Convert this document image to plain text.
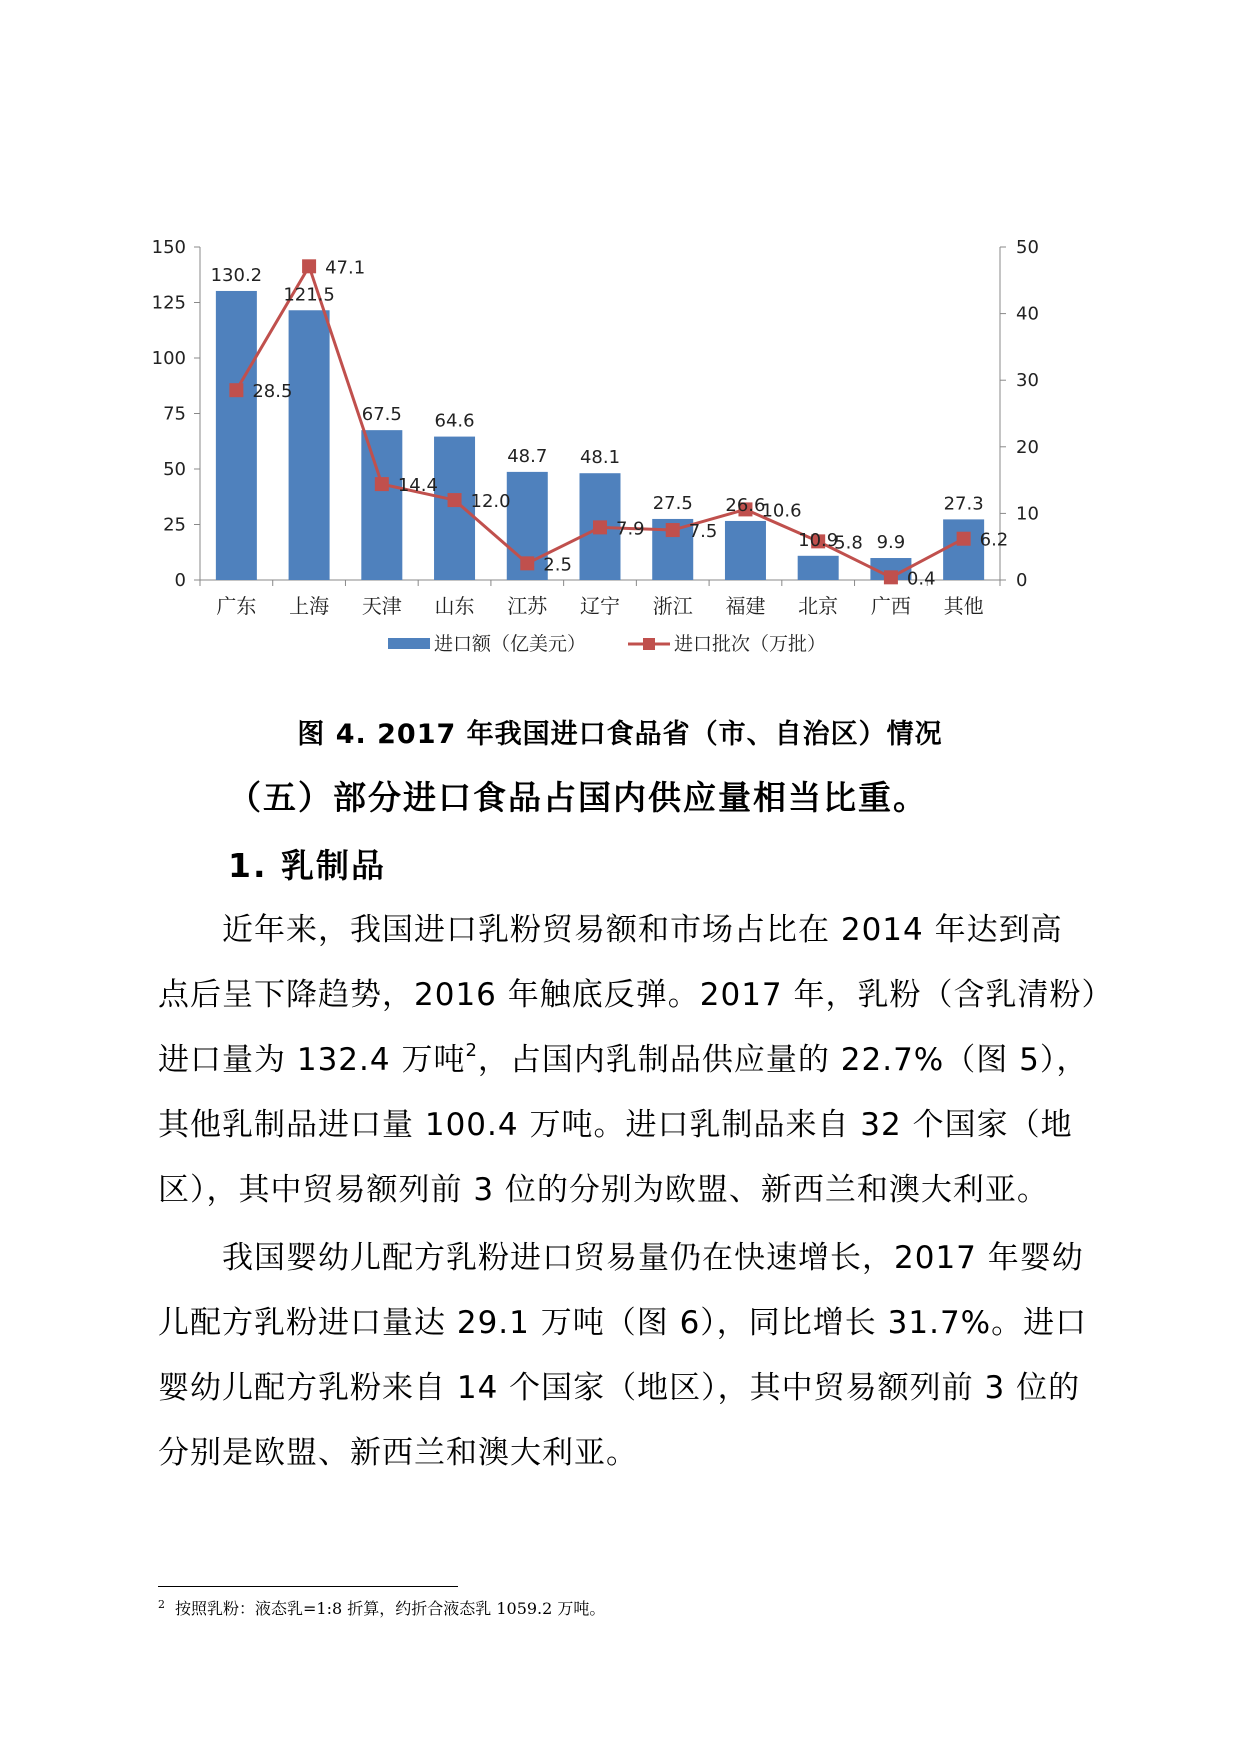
0
25
50
75
100
125
150
0
10
20
30
40
50
广东 上海 天津 山东 江苏 辽宁 浙江 福建 北京 广西 其他
130.2
121.5
67.5 64.6
48.7 48.1
27.5 26.6
10.9 9.9
27.3
28.5
47.1
14.4
12.0
2.5
7.9 7.5
10.6
5.8
0.4
6.2
进口额（亿美元）	进口批次（万批）
图 4. 2017 年我国进口食品省（市、自治区）情况
（五）部分进口食品占国内供应量相当比重。
1. 乳制品
近年来，我国进口乳粉贸易额和市场占比在 2014 年达到高
点后呈下降趋势，2016 年触底反弹。2017 年，乳粉（含乳清粉）
进口量为 132.4 万吨$^2$，占国内乳制品供应量的 22.7%（图 5），
其他乳制品进口量 100.4 万吨。进口乳制品来自 32 个国家（地
区），其中贸易额列前 3 位的分别为欧盟、新西兰和澳大利亚。
我国婴幼儿配方乳粉进口贸易量仍在快速增长，2017 年婴幼
儿配方乳粉进口量达 29.1 万吨（图 6），同比增长 31.7%。进口
婴幼儿配方乳粉来自 14 个国家（地区），其中贸易额列前 3 位的
分别是欧盟、新西兰和澳大利亚。
$^2$ 按照乳粉：液态乳=1:8 折算，约折合液态乳 1059.2 万吨。
